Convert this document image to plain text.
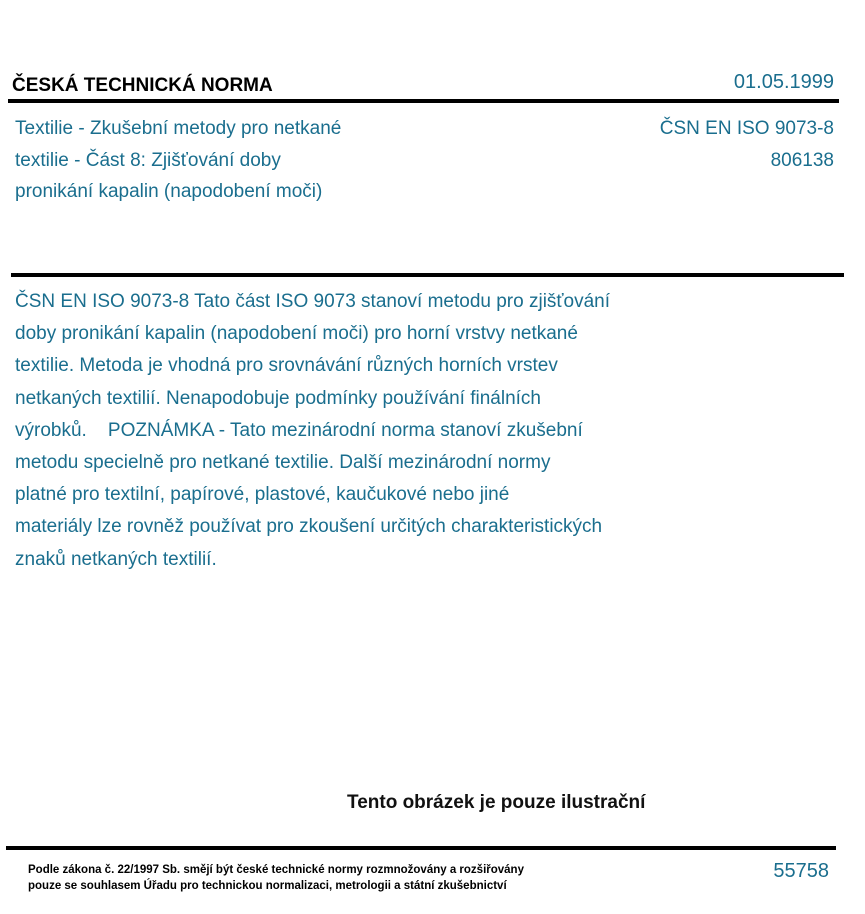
ČESKÁ TECHNICKÁ NORMA	01.05.1999
Textilie - Zkušební metody pro netkané
textilie - Část 8: Zjišťování doby
pronikání kapalin (napodobení moči)
ČSN EN ISO 9073-8
806138

ČSN EN ISO 9073-8 Tato část ISO 9073 stanoví metodu pro zjišťování

doby pronikání kapalin (napodobení moči) pro horní vrstvy netkané

textilie. Metoda je vhodná pro srovnávání různých horních vrstev

netkaných textilií. Nenapodobuje podmínky používání finálních

výrobků.    POZNÁMKA - Tato mezinárodní norma stanoví zkušební

metodu specielně pro netkané textilie. Další mezinárodní normy

platné pro textilní, papírové, plastové, kaučukové nebo jiné

materiály lze rovněž používat pro zkoušení určitých charakteristických

znaků netkaných textilií.

Tento obrázek je pouze ilustrační
Podle zákona č. 22/1997 Sb. smějí být české technické normy rozmnožovány a rozšiřovány
pouze se souhlasem Úřadu pro technickou normalizaci, metrologii a státní zkušebnictví
55758
